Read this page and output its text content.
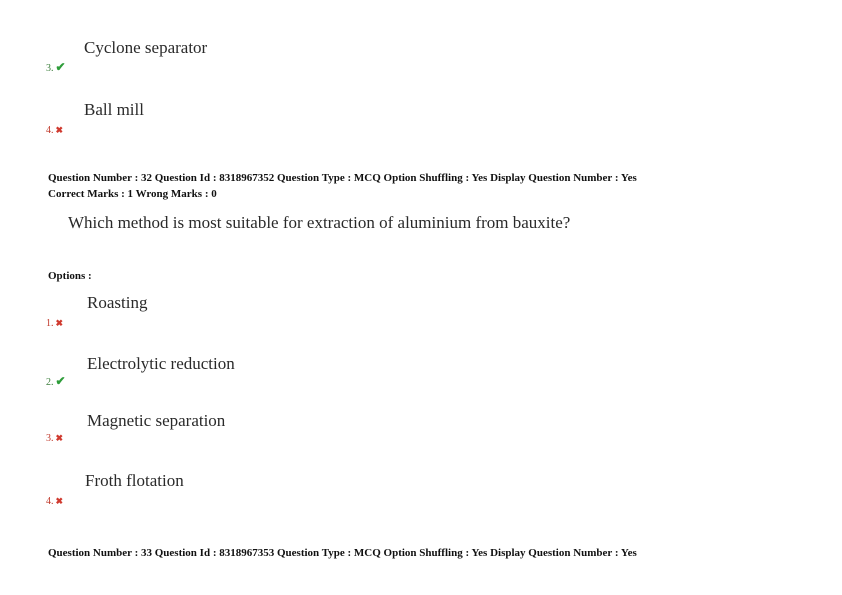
Cyclone separator
3. ✔
Ball mill
4. ✖
Question Number : 32 Question Id : 8318967352 Question Type : MCQ Option Shuffling : Yes Display Question Number : Yes
Correct Marks : 1 Wrong Marks : 0
Which method is most suitable for extraction of aluminium from bauxite?
Options :
Roasting
1. ✖
Electrolytic reduction
2. ✔
Magnetic separation
3. ✖
Froth flotation
4. ✖
Question Number : 33 Question Id : 8318967353 Question Type : MCQ Option Shuffling : Yes Display Question Number : Yes
